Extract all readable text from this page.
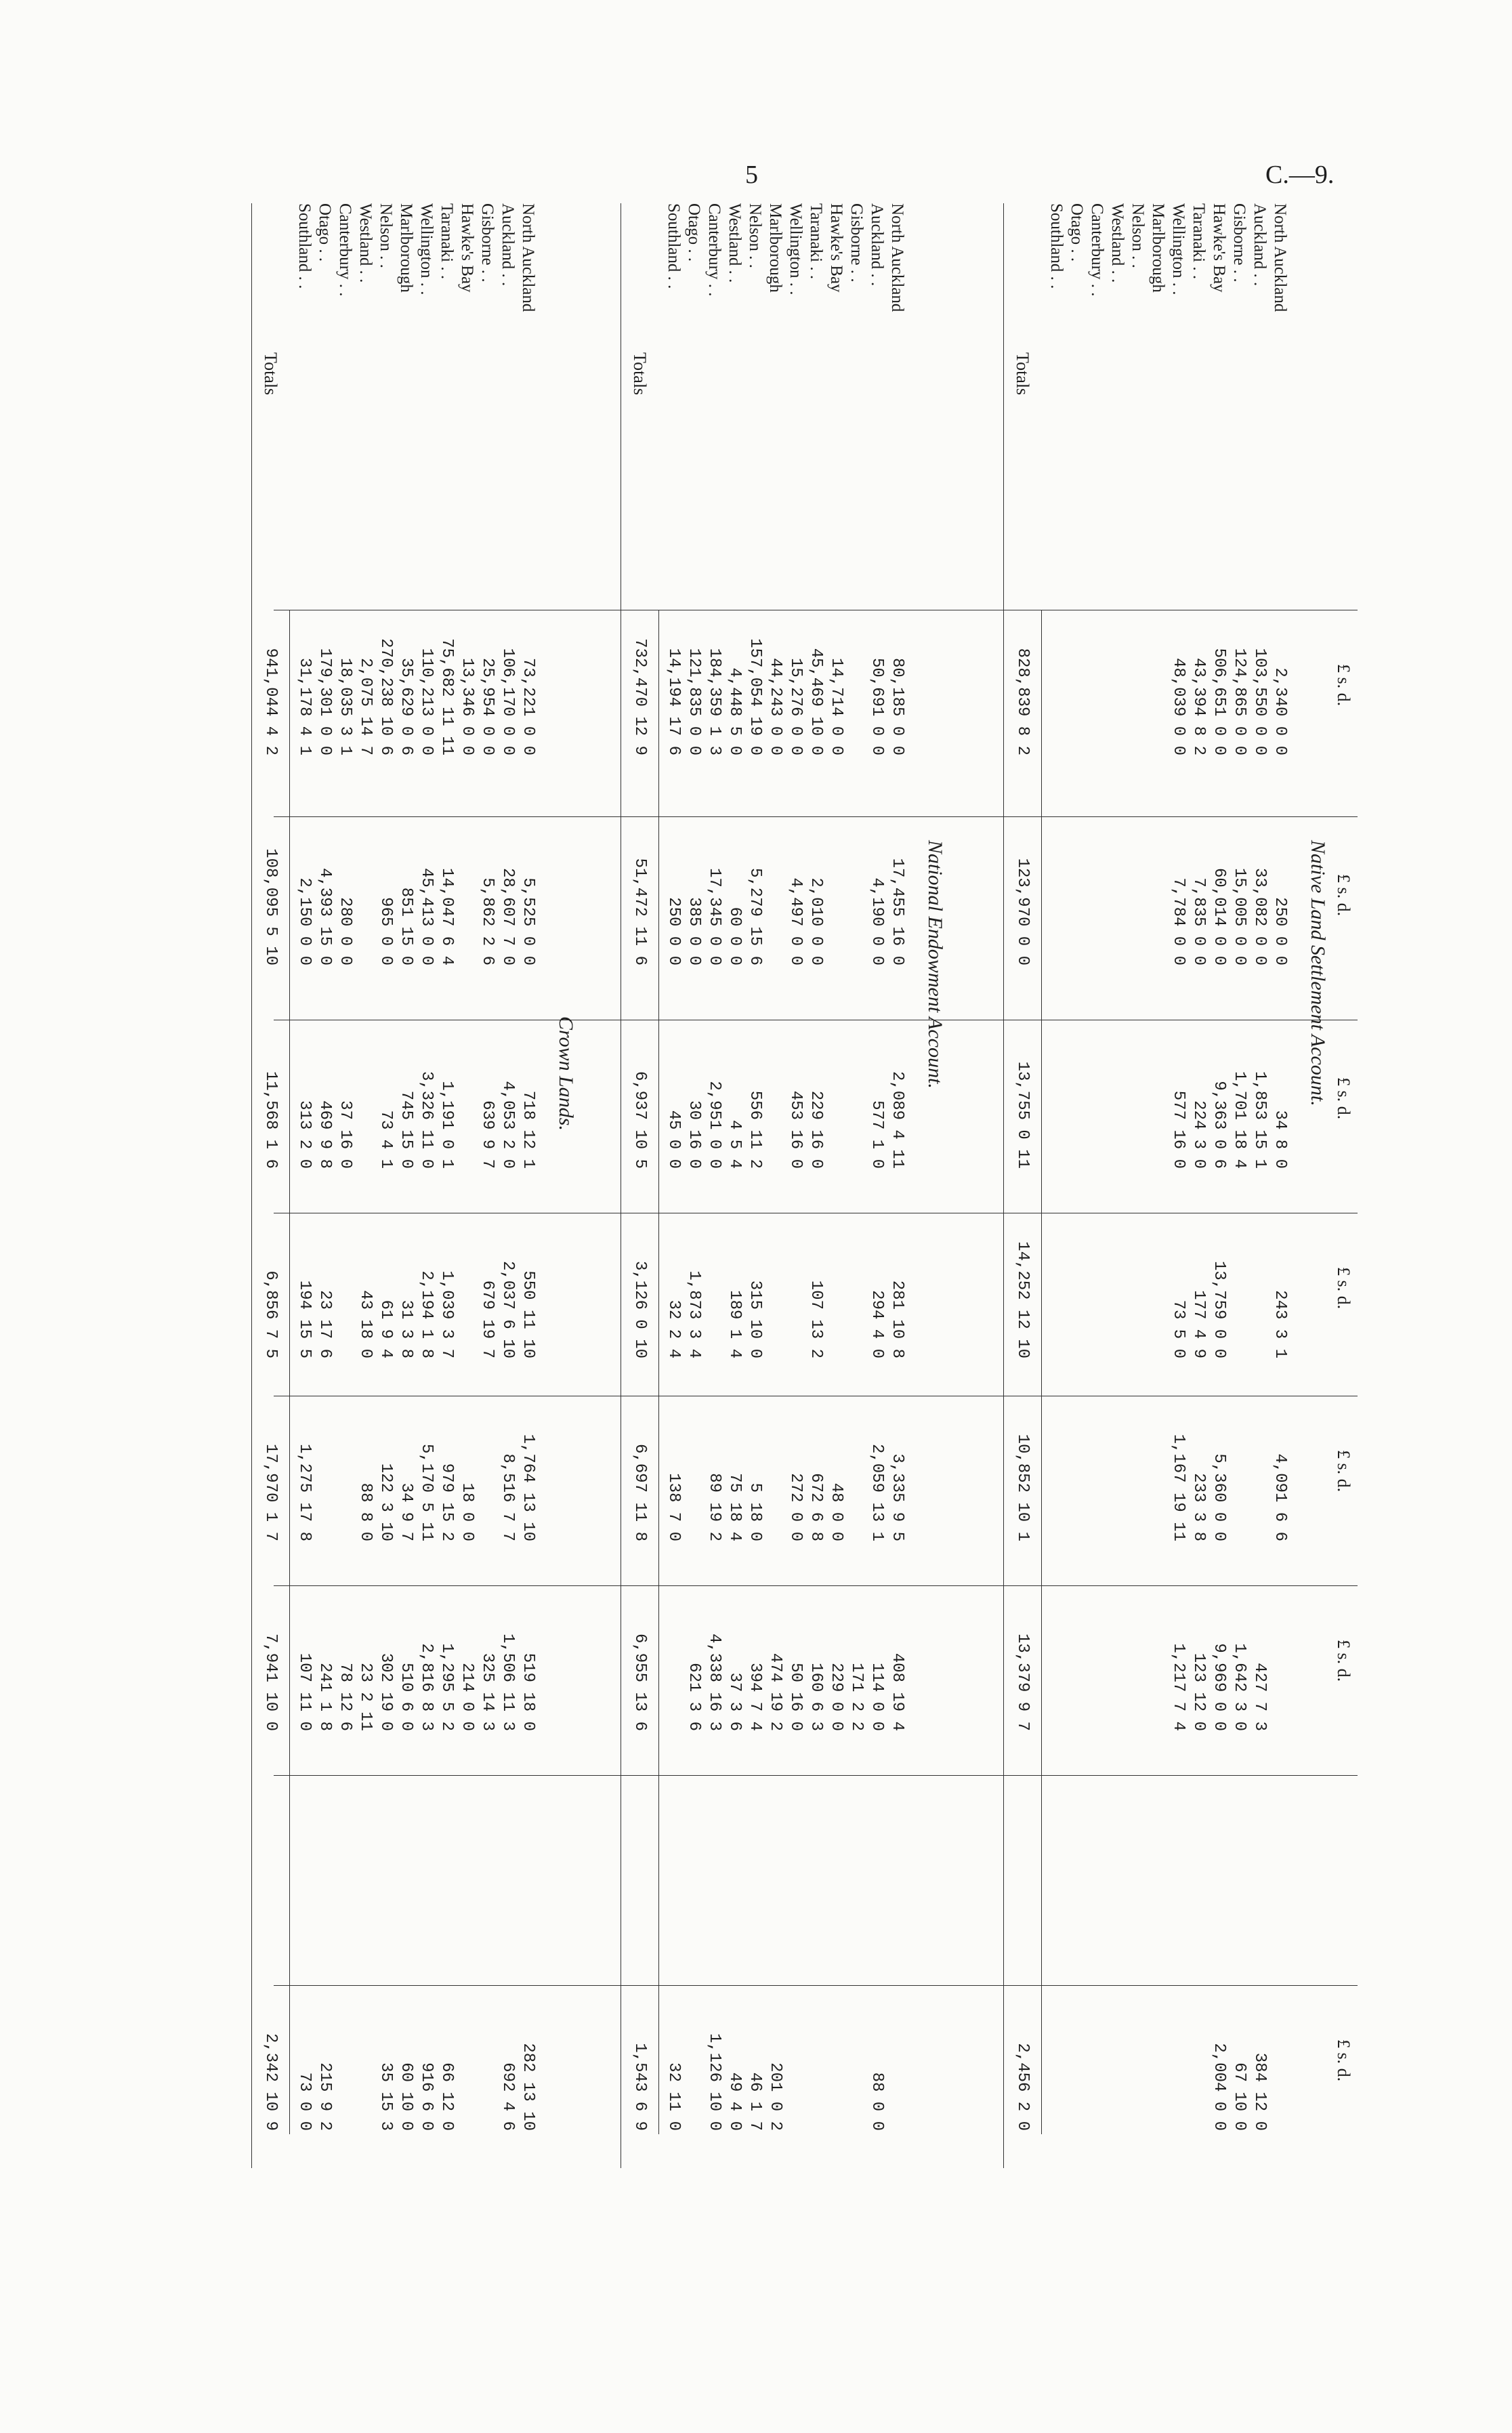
5	C.—9.
£ s. d.
£ s. d.
£ s. d.
£ s. d.
£ s. d.
£ s. d.
£ s. d.
Native Land Settlement Account.
North Auckland
2,340 0 0
250 0 0
34 8 0
243 3 1
4,091 6 6
Auckland . .
103,550 0 0
33,082 0 0
1,853 15 1
427 7 3
384 12 0
Gisborne . .
124,865 0 0
15,005 0 0
1,701 18 4
1,642 3 0
67 10 0
Hawke's Bay
506,651 0 0
60,014 0 0
9,363 0 6
13,759 0 0
5,360 0 0
9,969 0 0
2,004 0 0
Taranaki . .
43,394 8 2
7,835 0 0
224 3 0
177 4 9
233 3 8
123 12 0
Wellington . .
48,039 0 0
7,784 0 0
577 16 0
73 5 0
1,167 19 11
1,217 7 4
Marlborough
Nelson . .
Westland . .
Canterbury . .
Otago . .
Southland . .
Totals
828,839 8 2
123,970 0 0
13,755 0 11
14,252 12 10
10,852 10 1
13,379 9 7
2,456 2 0
National Endowment Account.
North Auckland
80,185 0 0
17,455 16 0
2,089 4 11
281 10 8
3,335 9 5
408 19 4
Auckland . .
50,691 0 0
4,190 0 0
577 1 0
294 4 0
2,059 13 1
114 0 0
88 0 0
Gisborne . .
171 2 2
Hawke's Bay
14,714 0 0
48 0 0
229 0 0
Taranaki . .
45,469 10 0
2,010 0 0
229 16 0
107 13 2
672 6 8
160 6 3
Wellington . .
15,276 0 0
4,497 0 0
453 16 0
272 0 0
50 16 0
Marlborough
44,243 0 0
474 19 2
201 0 2
Nelson . .
157,054 19 0
5,279 15 6
556 11 2
315 10 0
5 18 0
394 7 4
46 1 7
Westland . .
4,448 5 0
60 0 0
4 5 4
189 1 4
75 18 4
37 3 6
49 4 0
Canterbury . .
184,359 1 3
17,345 0 0
2,951 0 0
89 19 2
4,338 16 3
1,126 10 0
Otago . .
121,835 0 0
385 0 0
30 16 0
1,873 3 4
621 3 6
Southland . .
14,194 17 6
250 0 0
45 0 0
32 2 4
138 7 0
32 11 0
Totals
732,470 12 9
51,472 11 6
6,937 10 5
3,126 0 10
6,697 11 8
6,955 13 6
1,543 6 9
Crown Lands.
North Auckland
73,221 0 0
5,525 0 0
718 12 1
550 11 10
1,764 13 10
519 18 0
282 13 10
Auckland . .
106,170 0 0
28,607 7 0
4,053 2 0
2,037 6 10
8,516 7 7
1,506 11 3
692 4 6
Gisborne . .
25,954 0 0
5,862 2 6
639 9 7
679 19 7
325 14 3
Hawke's Bay
13,346 0 0
18 0 0
214 0 0
Taranaki . .
75,682 11 11
14,047 6 4
1,191 0 1
1,039 3 7
979 15 2
1,295 5 2
66 12 0
Wellington . .
110,213 0 0
45,413 0 0
3,326 11 0
2,194 1 8
5,170 5 11
2,816 8 3
916 6 0
Marlborough
35,629 0 6
851 15 0
745 15 0
31 3 8
34 9 7
510 6 0
60 10 0
Nelson . .
270,238 10 6
965 0 0
73 4 1
61 9 4
122 3 10
302 19 0
35 15 3
Westland . .
2,075 14 7
43 18 0
88 8 0
23 2 11
Canterbury . .
18,035 3 1
280 0 0
37 16 0
78 12 6
Otago . .
179,301 0 0
4,393 15 0
469 9 8
23 17 6
241 1 8
215 9 2
Southland . .
31,178 4 1
2,150 0 0
313 2 0
194 15 5
1,275 17 8
107 11 0
73 0 0
Totals
941,044 4 2
108,095 5 10
11,568 1 6
6,856 7 5
17,970 1 7
7,941 10 0
2,342 10 9
